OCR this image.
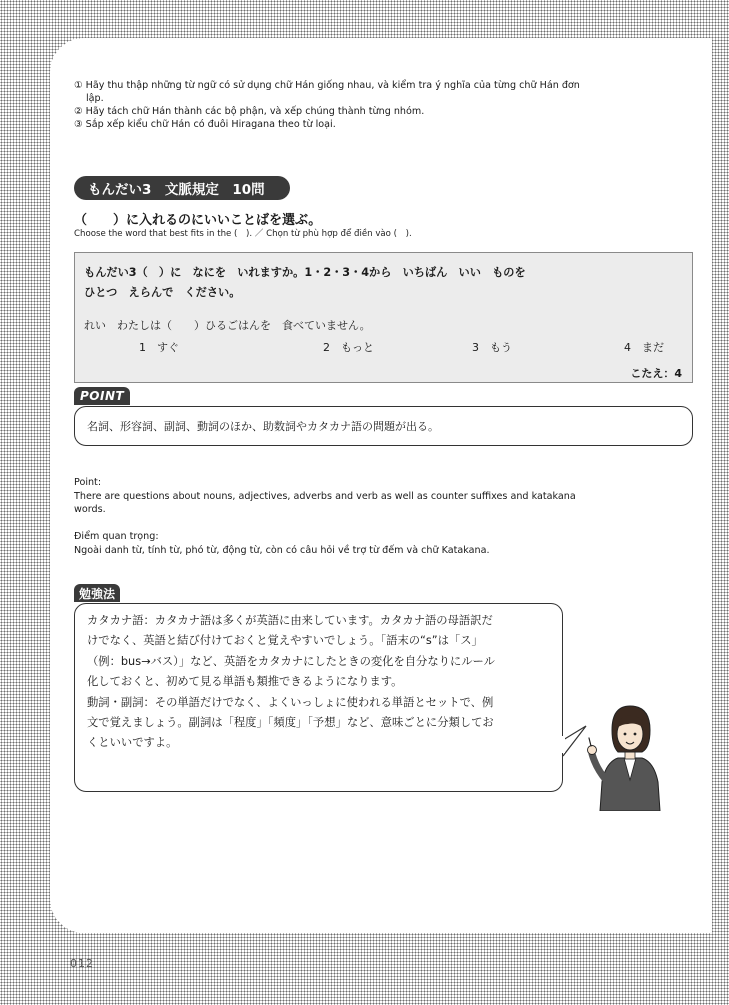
① Hãy thu thập những từ ngữ có sử dụng chữ Hán giống nhau, và kiểm tra ý nghĩa của từng chữ Hán đơn
lập.
② Hãy tách chữ Hán thành các bộ phận, và xếp chúng thành từng nhóm.
③ Sắp xếp kiểu chữ Hán có đuôi Hiragana theo từ loại.
もんだい3　文脈規定　10問
（　　）に入れるのにいいことばを選ぶ。
Choose the word that best fits in the (　). ／ Chọn từ phù hợp để điền vào (　).
もんだい3（　）に　なにを　いれますか。1・2・3・4から　いちばん　いい　ものを
ひとつ　えらんで　ください。
れい　わたしは（　　）ひるごはんを　食べていません。
1　すぐ	2　もっと	3　もう	4　まだ
こたえ：4
POINT
名詞、形容詞、副詞、動詞のほか、助数詞やカタカナ語の問題が出る。
Point:
There are questions about nouns, adjectives, adverbs and verb as well as counter suffixes and katakana
words.
Điểm quan trọng:
Ngoài danh từ, tính từ, phó từ, động từ, còn có câu hỏi về trợ từ đếm và chữ Katakana.
勉強法

カタカナ語：カタカナ語は多くが英語に由来しています。カタカナ語の母語訳だ

けでなく、英語と結び付けておくと覚えやすいでしょう。「語末の“s”は「ス」

（例：bus→バス）」など、英語をカタカナにしたときの変化を自分なりにルール

化しておくと、初めて見る単語も類推できるようになります。

動詞・副詞：その単語だけでなく、よくいっしょに使われる単語とセットで、例

文で覚えましょう。副詞は「程度」「頻度」「予想」など、意味ごとに分類してお

くといいですよ。

012
